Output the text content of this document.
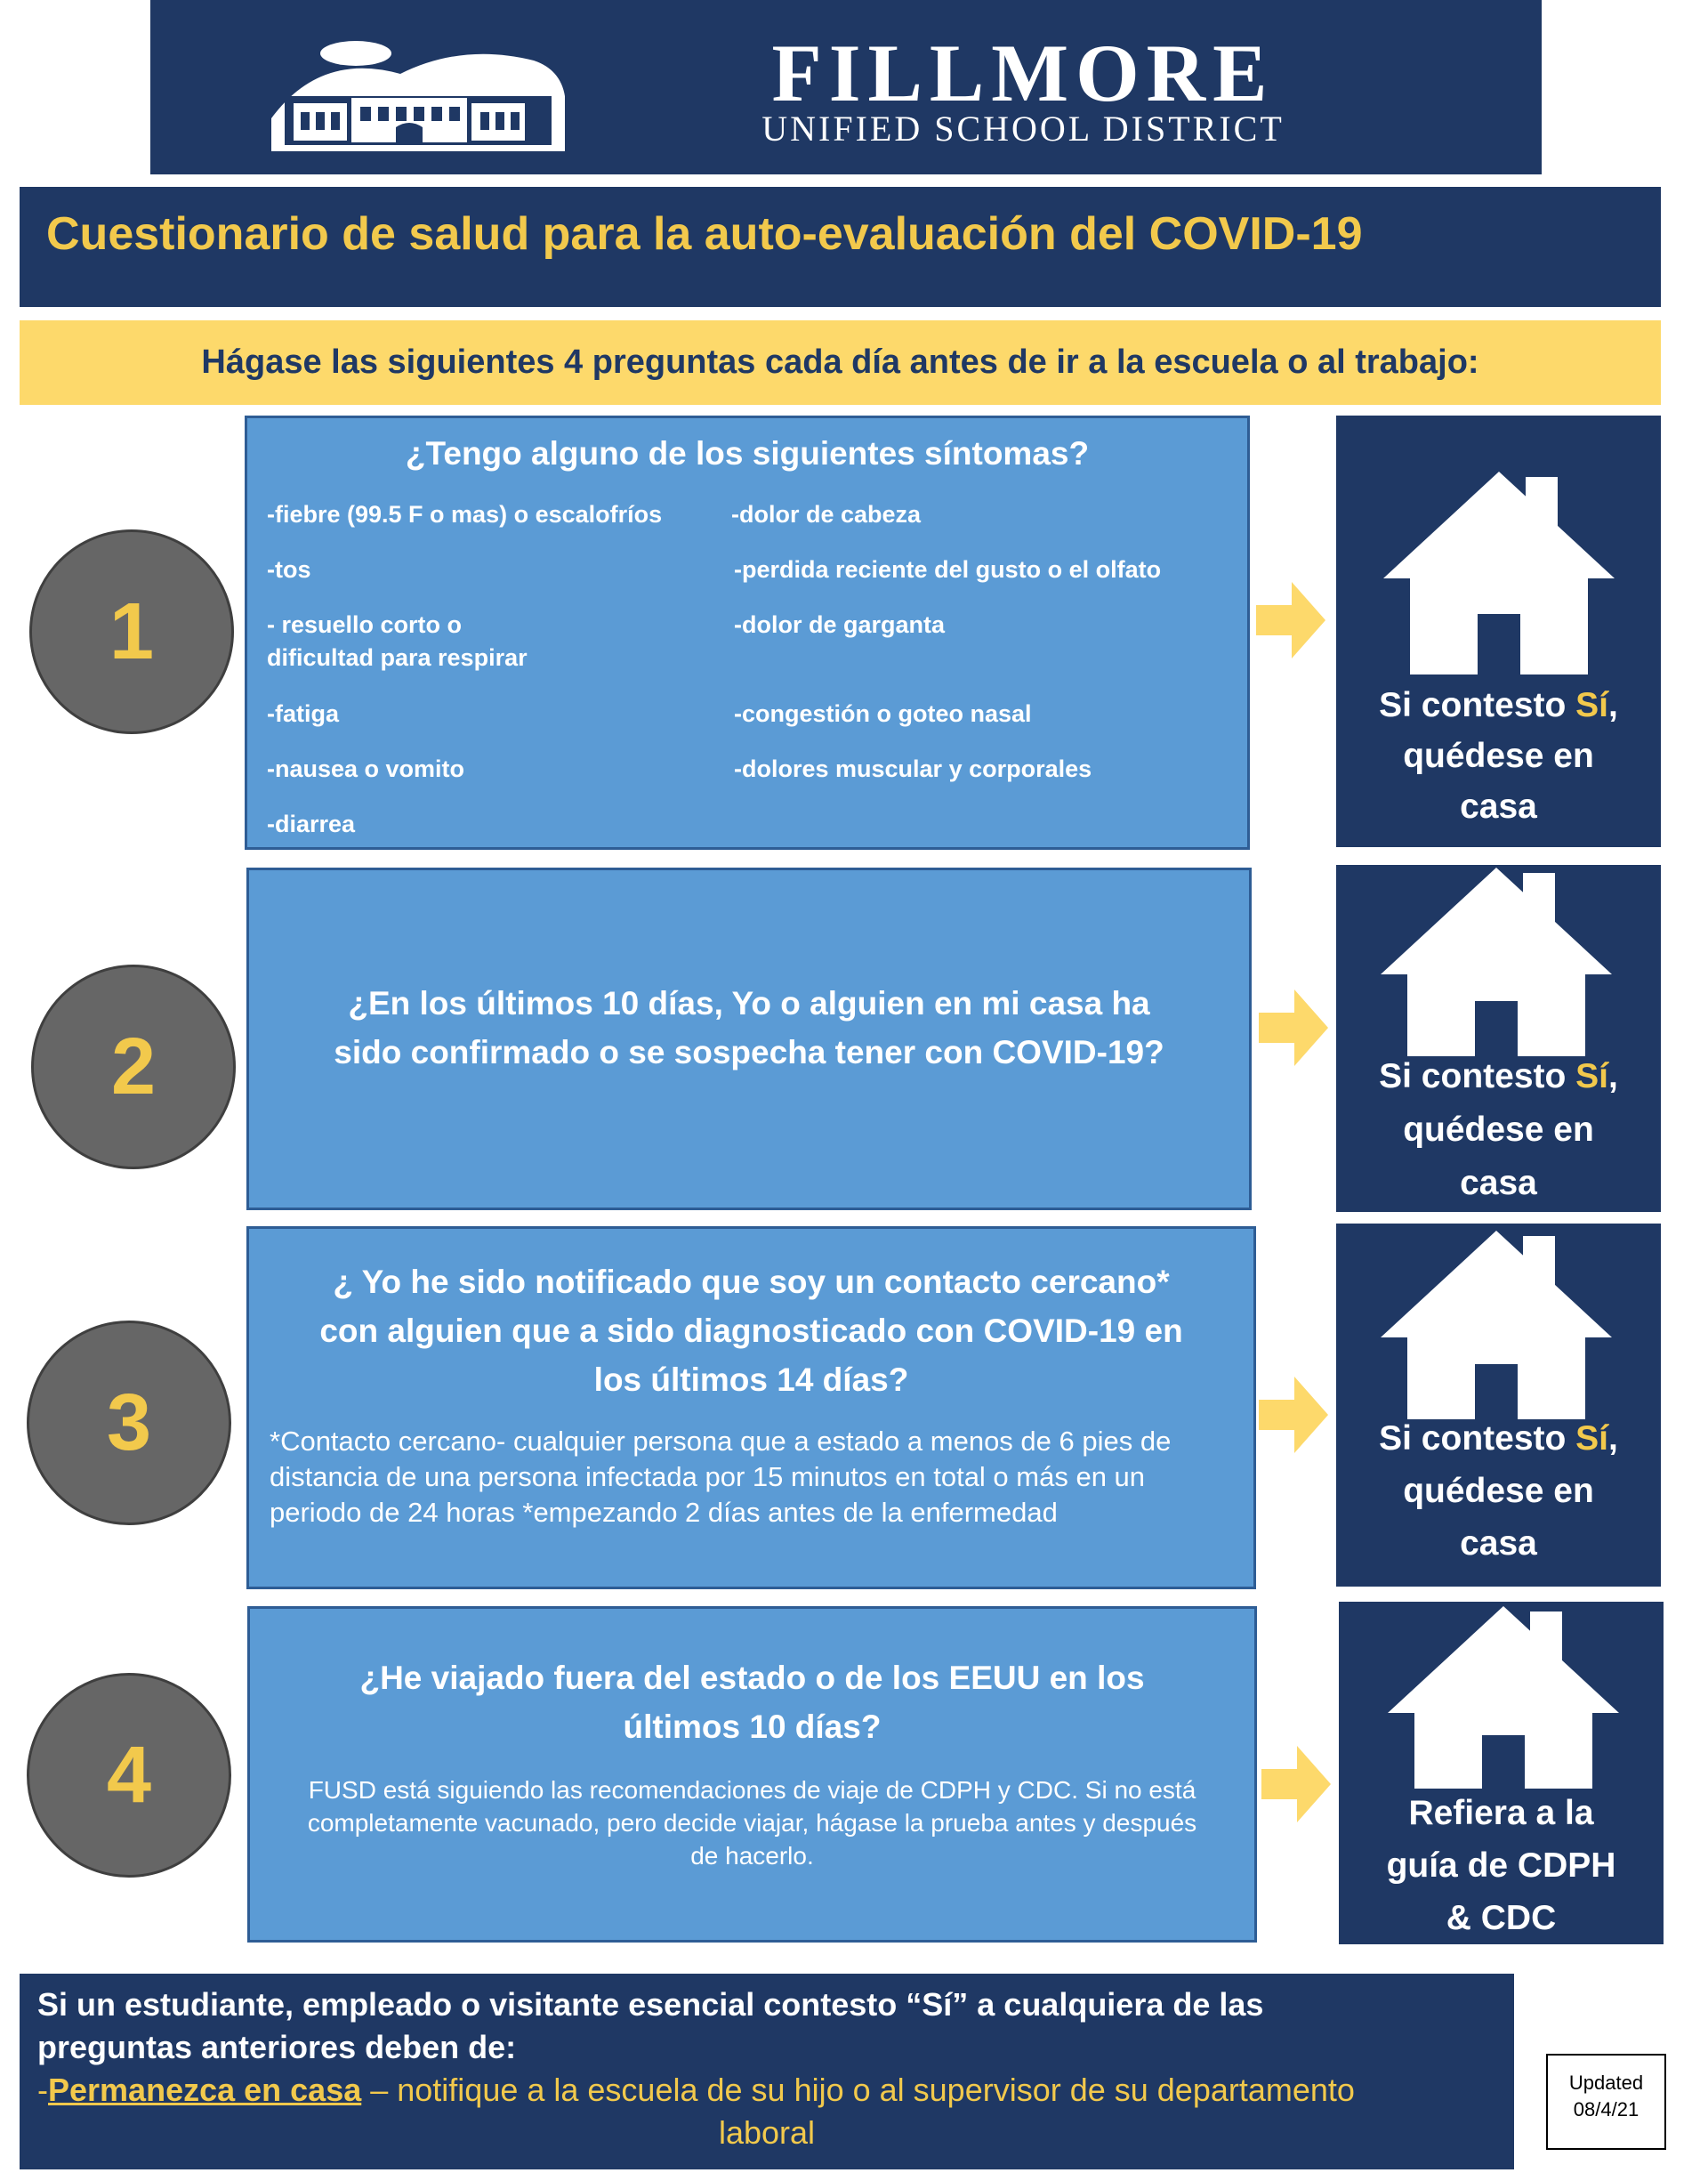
FILLMORE
UNIFIED SCHOOL DISTRICT
Cuestionario de salud para la auto-evaluación del COVID-19
Hágase las siguientes 4 preguntas cada día antes de ir a la escuela o al trabajo:
1
¿Tengo alguno de los siguientes síntomas?
-fiebre (99.5 F o mas) o escalofríos
-tos
- resuello corto o
dificultad para respirar
-fatiga
-nausea o vomito
-diarrea
-dolor de cabeza
-perdida reciente del gusto o el olfato
-dolor de garganta
-congestión o goteo nasal
-dolores muscular y corporales
Si contesto Sí,
quédese en
casa
2
¿En los últimos 10 días, Yo o alguien en mi casa ha
sido confirmado o se sospecha tener con COVID-19?
Si contesto Sí,
quédese en
casa
3
¿ Yo he sido notificado que soy un contacto cercano*
con alguien que a sido diagnosticado con COVID-19 en
los últimos 14 días?
*Contacto cercano- cualquier persona que a estado a menos de 6 pies de
distancia de una persona infectada por 15 minutos en total o más en un
periodo de 24 horas *empezando 2 días antes de la enfermedad
Si contesto Sí,
quédese en
casa
4
¿He viajado fuera del estado o de los EEUU en los
últimos 10 días?
FUSD está siguiendo las recomendaciones de viaje de CDPH y CDC. Si no está
completamente vacunado, pero decide viajar, hágase la prueba antes y después
de hacerlo.
Refiera a la
guía de CDPH
& CDC
Si un estudiante, empleado o visitante esencial contesto “Sí” a cualquiera de las
preguntas anteriores deben de:
-Permanezca en casa – notifique a la escuela de su hijo o al supervisor de su departamento
laboral
Updated
08/4/21
